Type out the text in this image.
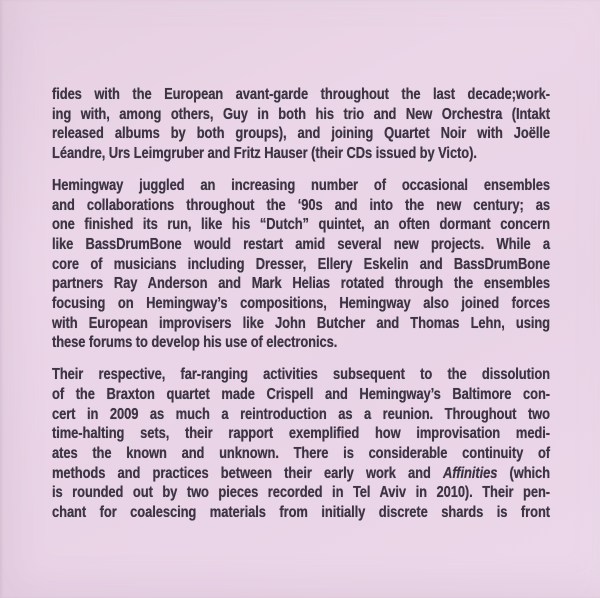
fides with the European avant-garde throughout the last decade;work-
ing with, among others, Guy in both his trio and New Orchestra (Intakt
released albums by both groups), and joining Quartet Noir with Joëlle
Léandre, Urs Leimgruber and Fritz Hauser (their CDs issued by Victo).

Hemingway juggled an increasing number of occasional ensembles
and collaborations throughout the ‘90s and into the new century; as
one finished its run, like his “Dutch” quintet, an often dormant concern
like BassDrumBone would restart amid several new projects. While a
core of musicians including Dresser, Ellery Eskelin and BassDrumBone
partners Ray Anderson and Mark Helias rotated through the ensembles
focusing on Hemingway’s compositions, Hemingway also joined forces
with European improvisers like John Butcher and Thomas Lehn, using
these forums to develop his use of electronics.

Their respective, far-ranging activities subsequent to the dissolution
of the Braxton quartet made Crispell and Hemingway’s Baltimore con-
cert in 2009 as much a reintroduction as a reunion. Throughout two
time-halting sets, their rapport exemplified how improvisation medi-
ates the known and unknown. There is considerable continuity of
methods and practices between their early work and Affinities (which
is rounded out by two pieces recorded in Tel Aviv in 2010). Their pen-
chant for coalescing materials from initially discrete shards is front
